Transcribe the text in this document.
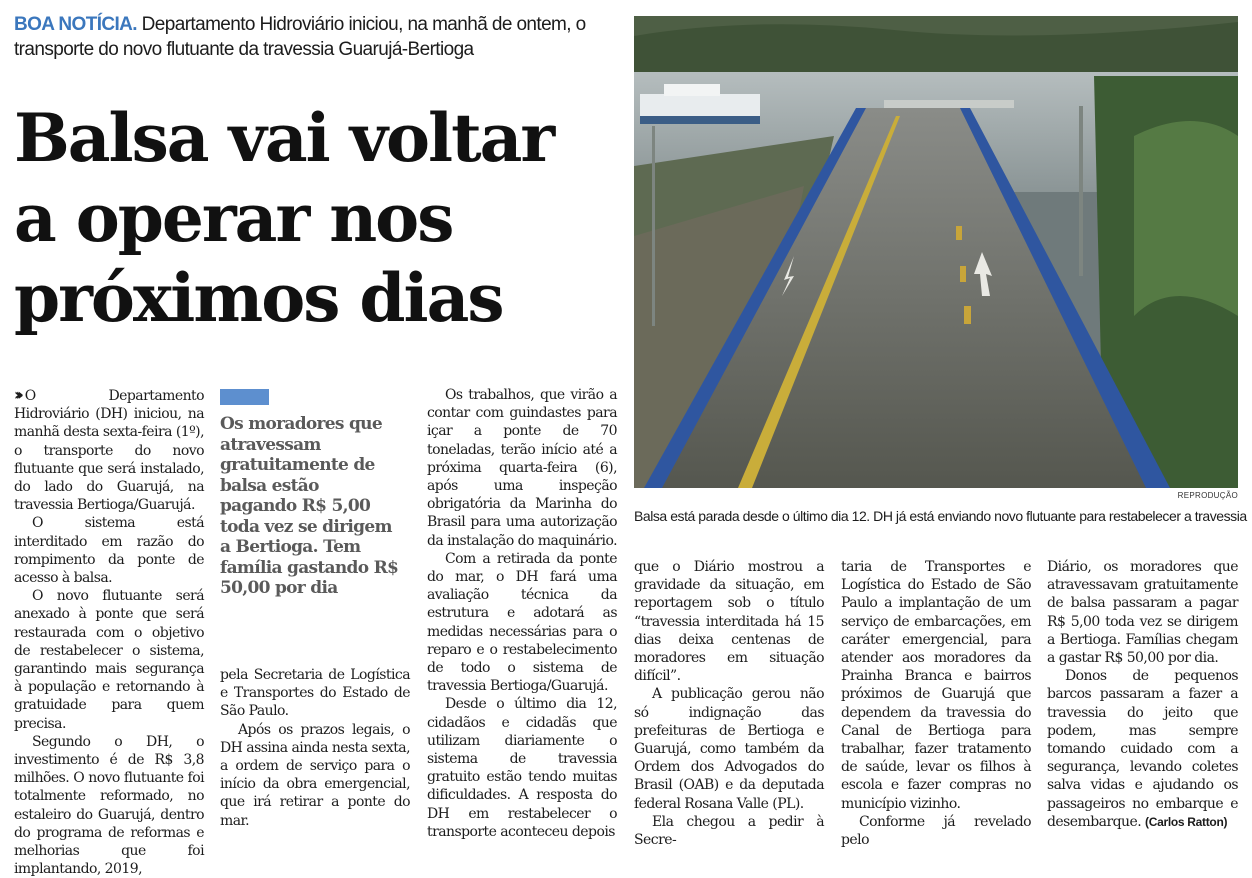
BOA NOTÍCIA. Departamento Hidroviário iniciou, na manhã de ontem, o transporte do novo flutuante da travessia Guarujá-Bertioga
Balsa vai voltar
a operar nos
próximos dias
REPRODUÇÃO
Balsa está parada desde o último dia 12. DH já está enviando novo flutuante para restabelecer a travessia

››› O Departamento Hidroviário (DH) iniciou, na manhã desta sexta-feira (1º), o transporte do novo flutuante que será instalado, do lado do Guarujá, na travessia Bertioga/Guarujá.

O sistema está interditado em razão do rompimento da ponte de acesso à balsa.

O novo flutuante será anexado à ponte que será restaurada com o objetivo de restabelecer o sistema, garantindo mais segurança à população e retornando à gratuidade para quem precisa.

Segundo o DH, o investimento é de R$ 3,8 milhões. O novo flutuante foi totalmente reformado, no estaleiro do Guarujá, dentro do programa de reformas e melhorias que foi implantando, 2019,

Os moradores que atravessam gratuitamente de balsa estão pagando R$ 5,00 toda vez se dirigem a Bertioga. Tem família gastando R$ 50,00 por dia

pela Secretaria de Logística e Transportes do Estado de São Paulo.

Após os prazos legais, o DH assina ainda nesta sexta, a ordem de serviço para o início da obra emergencial, que irá retirar a ponte do mar.

Os trabalhos, que virão a contar com guindastes para içar a ponte de 70 toneladas, terão início até a próxima quarta-feira (6), após uma inspeção obrigatória da Marinha do Brasil para uma autorização da instalação do maquinário.

Com a retirada da ponte do mar, o DH fará uma avaliação técnica da estrutura e adotará as medidas necessárias para o reparo e o restabelecimento de todo o sistema de travessia Bertioga/Guarujá.

Desde o último dia 12, cidadãos e cidadãs que utilizam diariamente o sistema de travessia gratuito estão tendo muitas dificuldades. A resposta do DH em restabelecer o transporte aconteceu depois

que o Diário mostrou a gravidade da situação, em reportagem sob o título “travessia interditada há 15 dias deixa centenas de moradores em situação difícil”.

A publicação gerou não só indignação das prefeituras de Bertioga e Guarujá, como também da Ordem dos Advogados do Brasil (OAB) e da deputada federal Rosana Valle (PL).

Ela chegou a pedir à Secre-

taria de Transportes e Logística do Estado de São Paulo a implantação de um serviço de embarcações, em caráter emergencial, para atender aos moradores da Prainha Branca e bairros próximos de Guarujá que dependem da travessia do Canal de Bertioga para trabalhar, fazer tratamento de saúde, levar os filhos à escola e fazer compras no município vizinho.

Conforme já revelado pelo

Diário, os moradores que atravessavam gratuitamente de balsa passaram a pagar R$ 5,00 toda vez se dirigem a Bertioga. Famílias chegam a gastar R$ 50,00 por dia.

Donos de pequenos barcos passaram a fazer a travessia do jeito que podem, mas sempre tomando cuidado com a segurança, levando coletes salva vidas e ajudando os passageiros no embarque e desembarque. (Carlos Ratton)
